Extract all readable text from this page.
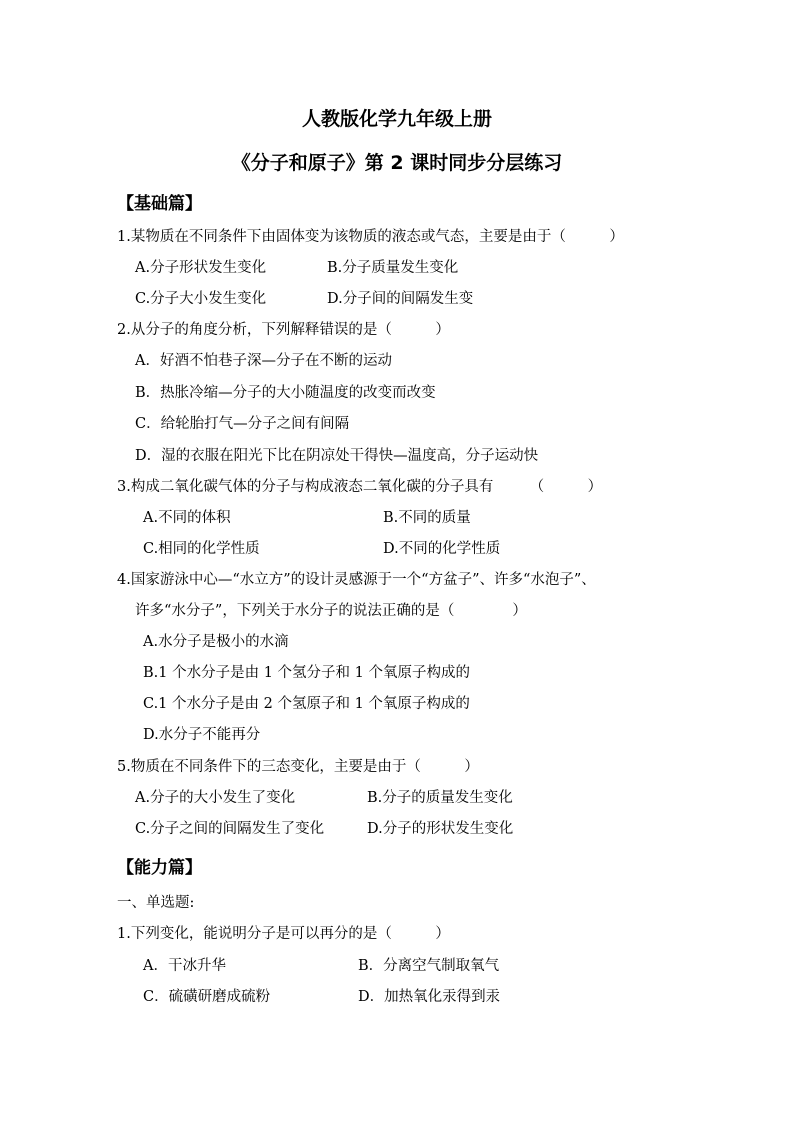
人教版化学九年级上册
《分子和原子》第 2 课时同步分层练习
【基础篇】
1.某物质在不同条件下由固体变为该物质的液态或气态，主要是由于（　　　）
A.分子形状发生变化	B.分子质量发生变化
C.分子大小发生变化	D.分子间的间隔发生变
2.从分子的角度分析，下列解释错误的是（　　　）
A．好酒不怕巷子深—分子在不断的运动
B．热胀冷缩—分子的大小随温度的改变而改变
C．给轮胎打气—分子之间有间隔
D．湿的衣服在阳光下比在阴凉处干得快—温度高，分子运动快
3.构成二氧化碳气体的分子与构成液态二氧化碳的分子具有　　　（　　　）
A.不同的体积	B.不同的质量
C.相同的化学性质	D.不同的化学性质
4.国家游泳中心—“水立方”的设计灵感源于一个“方盆子”、许多“水泡子”、
许多“水分子”，下列关于水分子的说法正确的是（　　　　）
A.水分子是极小的水滴
B.1 个水分子是由 1 个氢分子和 1 个氧原子构成的
C.1 个水分子是由 2 个氢原子和 1 个氧原子构成的
D.水分子不能再分
5.物质在不同条件下的三态变化，主要是由于（　　　）
A.分子的大小发生了变化	B.分子的质量发生变化
C.分子之间的间隔发生了变化	D.分子的形状发生变化
【能力篇】
一、单选题:
1.下列变化，能说明分子是可以再分的是（　　　）
A．干冰升华	B．分离空气制取氧气
C．硫磺研磨成硫粉	D．加热氧化汞得到汞
